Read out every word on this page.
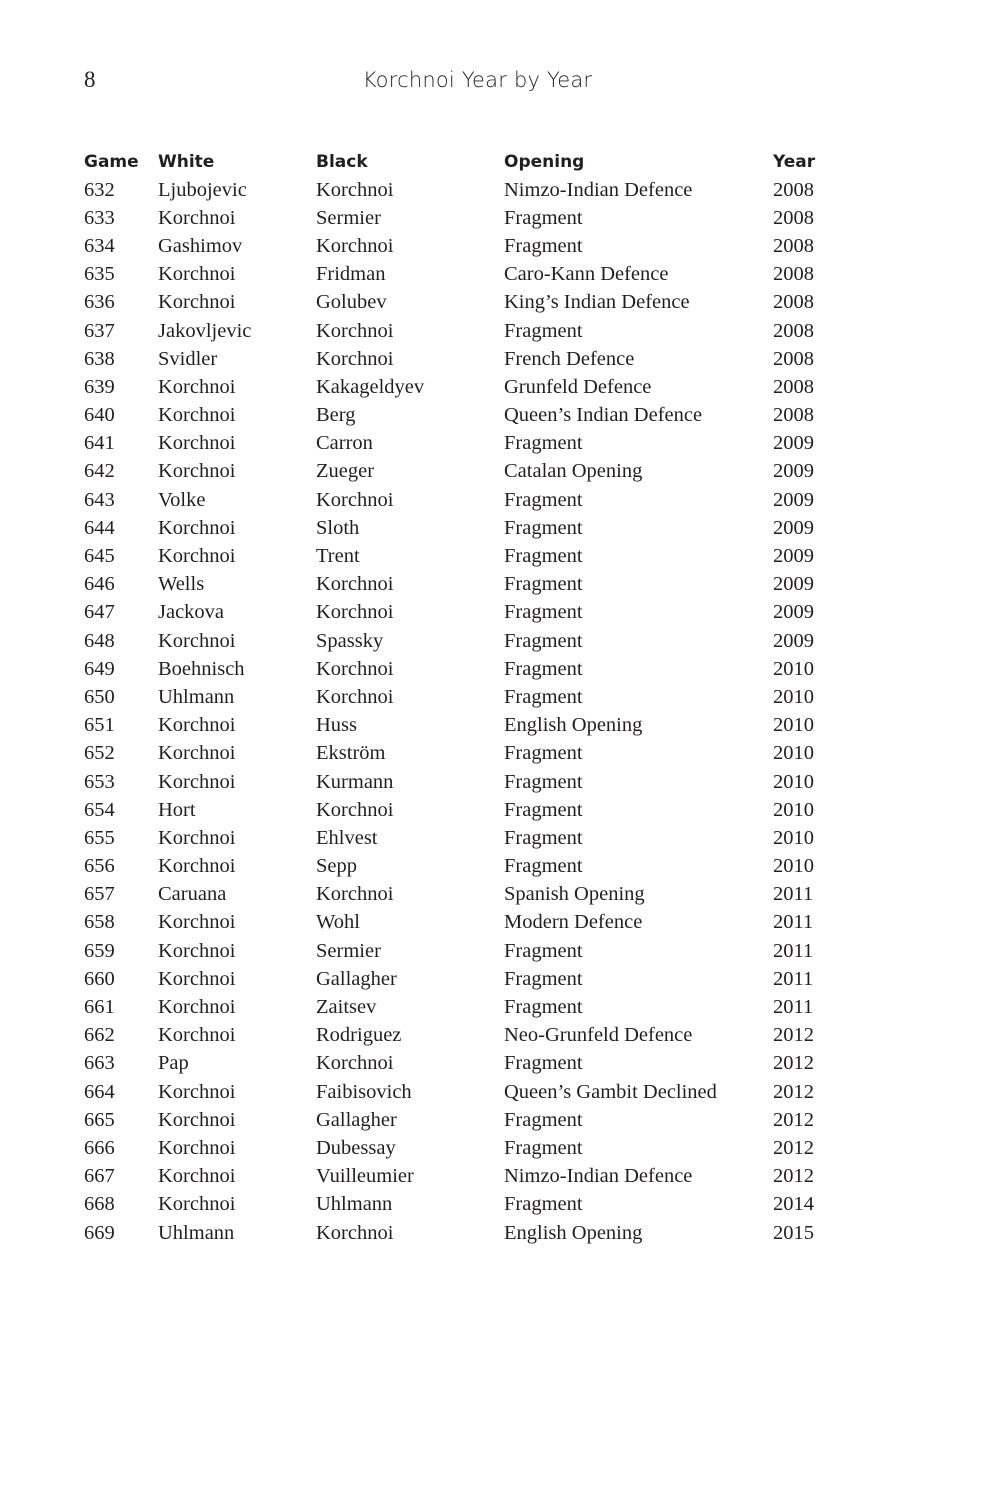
8	Korchnoi Year by Year
Game	White	Black	Opening	Year
632	Ljubojevic	Korchnoi	Nimzo-Indian Defence	2008
633	Korchnoi	Sermier	Fragment	2008
634	Gashimov	Korchnoi	Fragment	2008
635	Korchnoi	Fridman	Caro-Kann Defence	2008
636	Korchnoi	Golubev	King’s Indian Defence	2008
637	Jakovljevic	Korchnoi	Fragment	2008
638	Svidler	Korchnoi	French Defence	2008
639	Korchnoi	Kakageldyev	Grunfeld Defence	2008
640	Korchnoi	Berg	Queen’s Indian Defence	2008
641	Korchnoi	Carron	Fragment	2009
642	Korchnoi	Zueger	Catalan Opening	2009
643	Volke	Korchnoi	Fragment	2009
644	Korchnoi	Sloth	Fragment	2009
645	Korchnoi	Trent	Fragment	2009
646	Wells	Korchnoi	Fragment	2009
647	Jackova	Korchnoi	Fragment	2009
648	Korchnoi	Spassky	Fragment	2009
649	Boehnisch	Korchnoi	Fragment	2010
650	Uhlmann	Korchnoi	Fragment	2010
651	Korchnoi	Huss	English Opening	2010
652	Korchnoi	Ekström	Fragment	2010
653	Korchnoi	Kurmann	Fragment	2010
654	Hort	Korchnoi	Fragment	2010
655	Korchnoi	Ehlvest	Fragment	2010
656	Korchnoi	Sepp	Fragment	2010
657	Caruana	Korchnoi	Spanish Opening	2011
658	Korchnoi	Wohl	Modern Defence	2011
659	Korchnoi	Sermier	Fragment	2011
660	Korchnoi	Gallagher	Fragment	2011
661	Korchnoi	Zaitsev	Fragment	2011
662	Korchnoi	Rodriguez	Neo-Grunfeld Defence	2012
663	Pap	Korchnoi	Fragment	2012
664	Korchnoi	Faibisovich	Queen’s Gambit Declined	2012
665	Korchnoi	Gallagher	Fragment	2012
666	Korchnoi	Dubessay	Fragment	2012
667	Korchnoi	Vuilleumier	Nimzo-Indian Defence	2012
668	Korchnoi	Uhlmann	Fragment	2014
669	Uhlmann	Korchnoi	English Opening	2015
